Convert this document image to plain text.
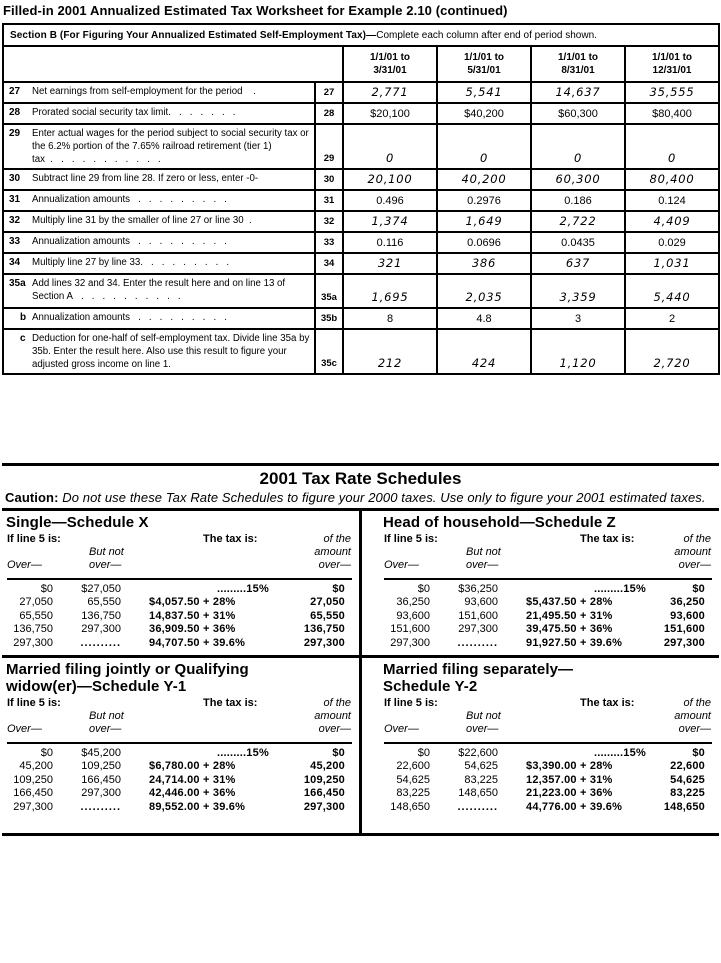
Filled-in 2001 Annualized Estimated Tax Worksheet for Example 2.10 (continued)
Section B (For Figuring Your Annualized Estimated Self-Employment Tax)—Complete each column after end of period shown.					
		1/1/01 to
3/31/01	1/1/01 to
5/31/01	1/1/01 to
8/31/01	1/1/01 to
12/31/01

27 Net earnings from self-employment for the period    .	27	2,771	5,541	14,637	35,555

28 Prorated social security tax limit.   .   .   .   .   .   .	28	$20,100	$40,200	$60,300	$80,400

29 Enter actual wages for the period subject to social security tax or the 6.2% portion of the 7.65% railroad retirement (tier 1) tax  .   .   .   .   .   .   .   .   .   .   .	29	0	0	0	0

30 Subtract line 29 from line 28. If zero or less, enter -0-	30	20,100	40,200	60,300	80,400

31 Annualization amounts   .   .   .   .   .   .   .   .   .	31	0.496	0.2976	0.186	0.124

32 Multiply line 31 by the smaller of line 27 or line 30  .	32	1,374	1,649	2,722	4,409

33 Annualization amounts   .   .   .   .   .   .   .   .   .	33	0.116	0.0696	0.0435	0.029

34 Multiply line 27 by line 33.   .   .   .   .   .   .   .   .	34	321	386	637	1,031

35a Add lines 32 and 34. Enter the result here and on line 13 of Section A   .   .   .   .   .   .   .   .   .   .	35a	1,695	2,035	3,359	5,440

b Annualization amounts   .   .   .   .   .   .   .   .   .	35b	8	4.8	3	2

c Deduction for one-half of self-employment tax. Divide line 35a by 35b. Enter the result here. Also use this result to figure your adjusted gross income on line 1.	35c	212	424	1,120	2,720
2001 Tax Rate Schedules
Caution: Do not use these Tax Rate Schedules to figure your 2000 taxes. Use only to figure your 2001 estimated taxes.
Single—Schedule X
If line 5 is:	The tax is:
But not
over—
Over—
of the
amount
over—
$0	$27,050	.........15%	$0
27,050	65,550	$4,057.50 + 28%	27,050
65,550	136,750	14,837.50 + 31%	65,550
136,750	297,300	36,909.50 + 36%	136,750
297,300	..........	94,707.50 + 39.6%	297,300
Head of household—Schedule Z
If line 5 is:	The tax is:
But not
over—
Over—
of the
amount
over—
$0	$36,250	.........15%	$0
36,250	93,600	$5,437.50 + 28%	36,250
93,600	151,600	21,495.50 + 31%	93,600
151,600	297,300	39,475.50 + 36%	151,600
297,300	..........	91,927.50 + 39.6%	297,300
Married filing jointly or Qualifying
widow(er)—Schedule Y-1
If line 5 is:	The tax is:
But not
over—
Over—
of the
amount
over—
$0	$45,200	.........15%	$0
45,200	109,250	$6,780.00 + 28%	45,200
109,250	166,450	24,714.00 + 31%	109,250
166,450	297,300	42,446.00 + 36%	166,450
297,300	..........	89,552.00 + 39.6%	297,300
Married filing separately—
Schedule Y-2
If line 5 is:	The tax is:
But not
over—
Over—
of the
amount
over—
$0	$22,600	.........15%	$0
22,600	54,625	$3,390.00 + 28%	22,600
54,625	83,225	12,357.00 + 31%	54,625
83,225	148,650	21,223.00 + 36%	83,225
148,650	..........	44,776.00 + 39.6%	148,650
